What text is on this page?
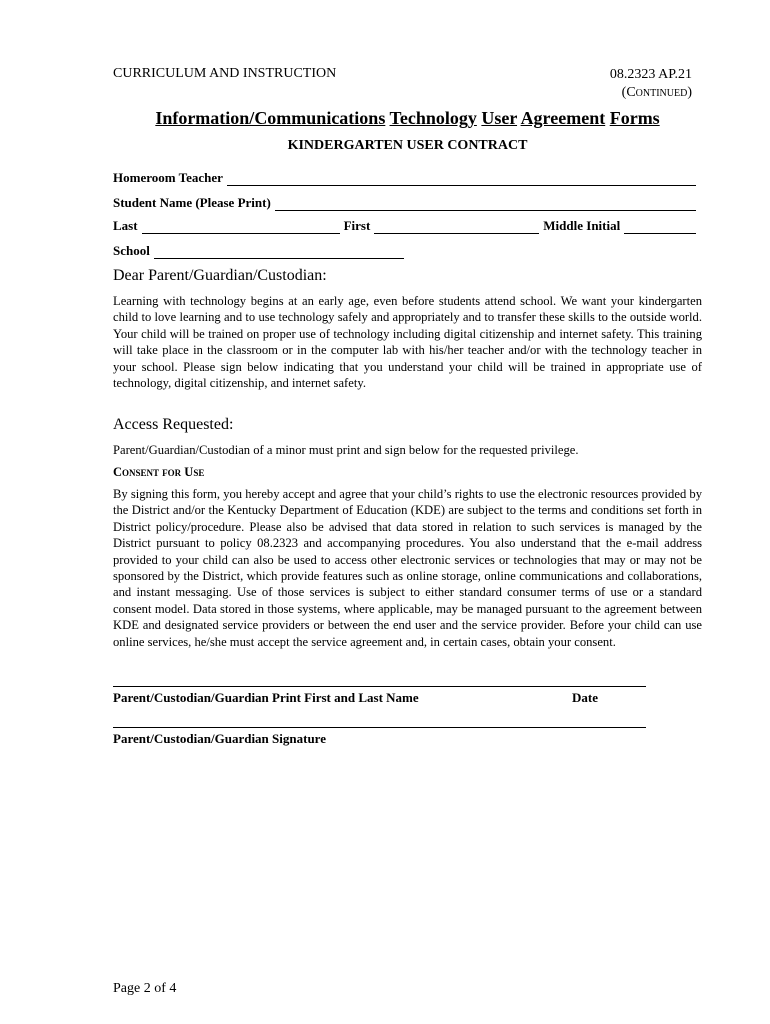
CURRICULUM AND INSTRUCTION	08.2323 AP.21
(Continued)
Information/Communications Technology User Agreement Forms
KINDERGARTEN USER CONTRACT
Homeroom Teacher
Student Name (Please Print)
Last	First	Middle Initial
School
Dear Parent/Guardian/Custodian:
Learning with technology begins at an early age, even before students attend school. We want your kindergarten child to love learning and to use technology safely and appropriately and to transfer these skills to the outside world. Your child will be trained on proper use of technology including digital citizenship and internet safety. This training will take place in the classroom or in the computer lab with his/her teacher and/or with the technology teacher in your school. Please sign below indicating that you understand your child will be trained in appropriate use of technology, digital citizenship, and internet safety.
Access Requested:
Parent/Guardian/Custodian of a minor must print and sign below for the requested privilege.
Consent for Use
By signing this form, you hereby accept and agree that your child’s rights to use the electronic resources provided by the District and/or the Kentucky Department of Education (KDE) are subject to the terms and conditions set forth in District policy/procedure. Please also be advised that data stored in relation to such services is managed by the District pursuant to policy 08.2323 and accompanying procedures. You also understand that the e-mail address provided to your child can also be used to access other electronic services or technologies that may or may not be sponsored by the District, which provide features such as online storage, online communications and collaborations, and instant messaging. Use of those services is subject to either standard consumer terms of use or a standard consent model. Data stored in those systems, where applicable, may be managed pursuant to the agreement between KDE and designated service providers or between the end user and the service provider. Before your child can use online services, he/she must accept the service agreement and, in certain cases, obtain your consent.
Parent/Custodian/Guardian Print First and Last Name	Date
Parent/Custodian/Guardian Signature
Page 2 of 4
